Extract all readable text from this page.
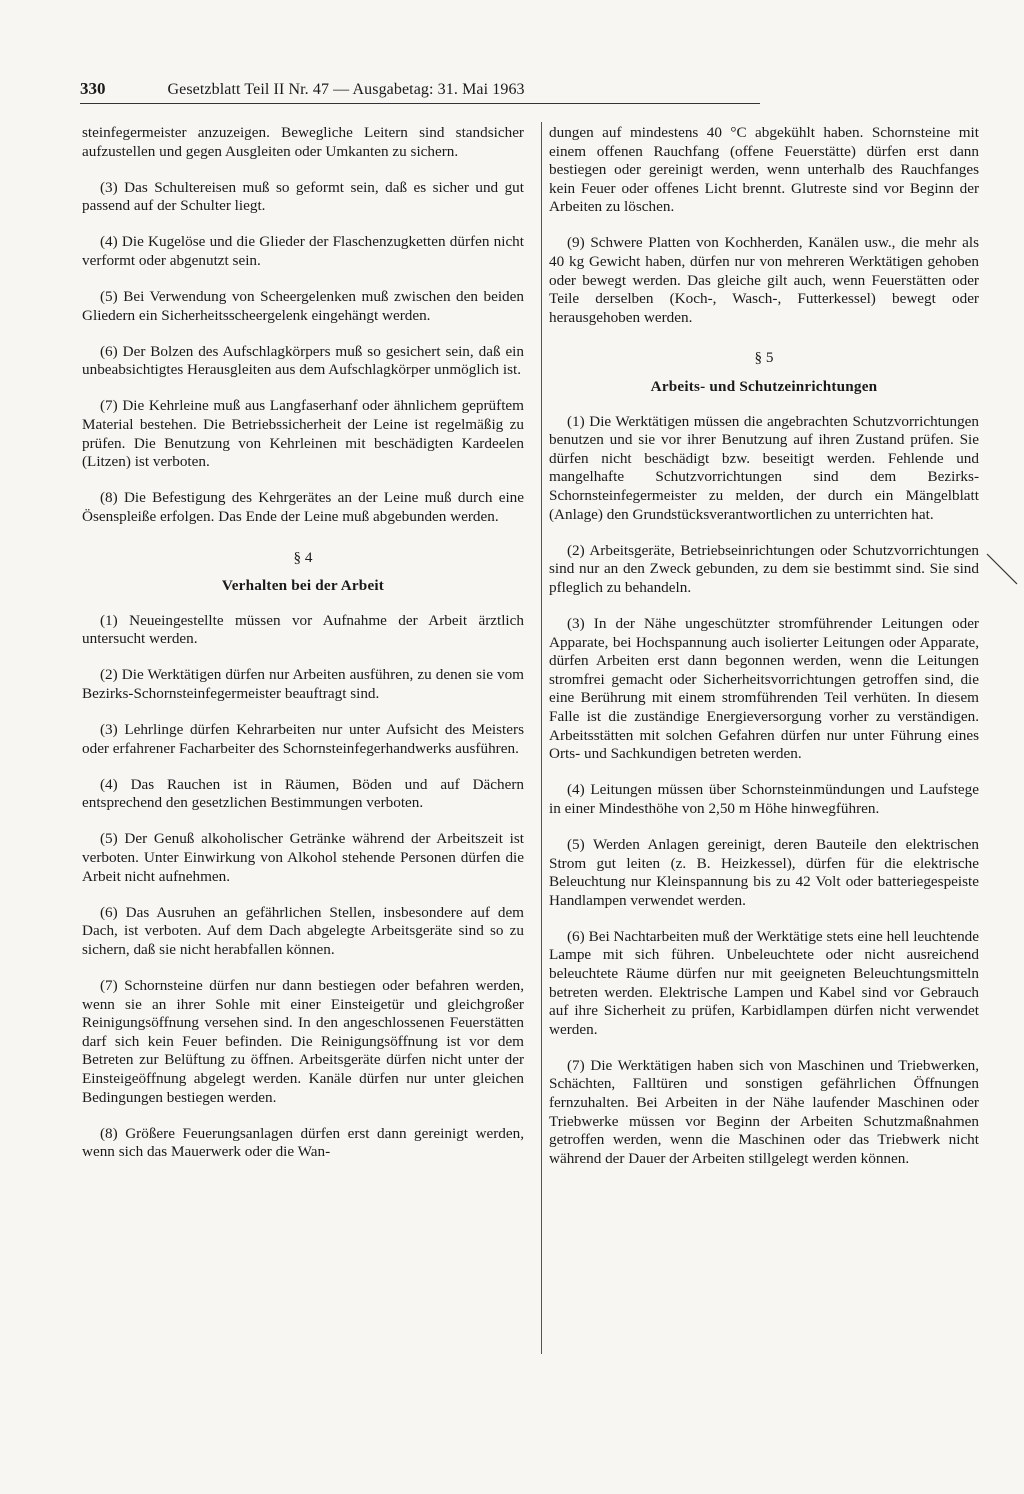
330	Gesetzblatt Teil II Nr. 47 — Ausgabetag: 31. Mai 1963

steinfegermeister anzuzeigen. Bewegliche Leitern sind standsicher aufzustellen und gegen Ausgleiten oder Umkanten zu sichern.

(3) Das Schultereisen muß so geformt sein, daß es sicher und gut passend auf der Schulter liegt.

(4) Die Kugelöse und die Glieder der Flaschenzugketten dürfen nicht verformt oder abgenutzt sein.

(5) Bei Verwendung von Scheergelenken muß zwischen den beiden Gliedern ein Sicherheitsscheergelenk eingehängt werden.

(6) Der Bolzen des Aufschlagkörpers muß so gesichert sein, daß ein unbeabsichtigtes Herausgleiten aus dem Aufschlagkörper unmöglich ist.

(7) Die Kehrleine muß aus Langfaserhanf oder ähnlichem geprüftem Material bestehen. Die Betriebssicherheit der Leine ist regelmäßig zu prüfen. Die Benutzung von Kehrleinen mit beschädigten Kardeelen (Litzen) ist verboten.

(8) Die Befestigung des Kehrgerätes an der Leine muß durch eine Ösenspleiße erfolgen. Das Ende der Leine muß abgebunden werden.

§ 4
Verhalten bei der Arbeit

(1) Neueingestellte müssen vor Aufnahme der Arbeit ärztlich untersucht werden.

(2) Die Werktätigen dürfen nur Arbeiten ausführen, zu denen sie vom Bezirks-Schornsteinfegermeister beauftragt sind.

(3) Lehrlinge dürfen Kehrarbeiten nur unter Aufsicht des Meisters oder erfahrener Facharbeiter des Schornsteinfegerhandwerks ausführen.

(4) Das Rauchen ist in Räumen, Böden und auf Dächern entsprechend den gesetzlichen Bestimmungen verboten.

(5) Der Genuß alkoholischer Getränke während der Arbeitszeit ist verboten. Unter Einwirkung von Alkohol stehende Personen dürfen die Arbeit nicht aufnehmen.

(6) Das Ausruhen an gefährlichen Stellen, insbesondere auf dem Dach, ist verboten. Auf dem Dach abgelegte Arbeitsgeräte sind so zu sichern, daß sie nicht herabfallen können.

(7) Schornsteine dürfen nur dann bestiegen oder befahren werden, wenn sie an ihrer Sohle mit einer Einsteigetür und gleichgroßer Reinigungsöffnung versehen sind. In den angeschlossenen Feuerstätten darf sich kein Feuer befinden. Die Reinigungsöffnung ist vor dem Betreten zur Belüftung zu öffnen. Arbeitsgeräte dürfen nicht unter der Einsteigeöffnung abgelegt werden. Kanäle dürfen nur unter gleichen Bedingungen bestiegen werden.

(8) Größere Feuerungsanlagen dürfen erst dann gereinigt werden, wenn sich das Mauerwerk oder die Wan-

dungen auf mindestens 40 °C abgekühlt haben. Schornsteine mit einem offenen Rauchfang (offene Feuerstätte) dürfen erst dann bestiegen oder gereinigt werden, wenn unterhalb des Rauchfanges kein Feuer oder offenes Licht brennt. Glutreste sind vor Beginn der Arbeiten zu löschen.

(9) Schwere Platten von Kochherden, Kanälen usw., die mehr als 40 kg Gewicht haben, dürfen nur von mehreren Werktätigen gehoben oder bewegt werden. Das gleiche gilt auch, wenn Feuerstätten oder Teile derselben (Koch-, Wasch-, Futterkessel) bewegt oder herausgehoben werden.

§ 5
Arbeits- und Schutzeinrichtungen

(1) Die Werktätigen müssen die angebrachten Schutzvorrichtungen benutzen und sie vor ihrer Benutzung auf ihren Zustand prüfen. Sie dürfen nicht beschädigt bzw. beseitigt werden. Fehlende und mangelhafte Schutzvorrichtungen sind dem Bezirks-Schornsteinfegermeister zu melden, der durch ein Mängelblatt (Anlage) den Grundstücksverantwortlichen zu unterrichten hat.

(2) Arbeitsgeräte, Betriebseinrichtungen oder Schutzvorrichtungen sind nur an den Zweck gebunden, zu dem sie bestimmt sind. Sie sind pfleglich zu behandeln.

(3) In der Nähe ungeschützter stromführender Leitungen oder Apparate, bei Hochspannung auch isolierter Leitungen oder Apparate, dürfen Arbeiten erst dann begonnen werden, wenn die Leitungen stromfrei gemacht oder Sicherheitsvorrichtungen getroffen sind, die eine Berührung mit einem stromführenden Teil verhüten. In diesem Falle ist die zuständige Energieversorgung vorher zu verständigen. Arbeitsstätten mit solchen Gefahren dürfen nur unter Führung eines Orts- und Sachkundigen betreten werden.

(4) Leitungen müssen über Schornsteinmündungen und Laufstege in einer Mindesthöhe von 2,50 m Höhe hinwegführen.

(5) Werden Anlagen gereinigt, deren Bauteile den elektrischen Strom gut leiten (z. B. Heizkessel), dürfen für die elektrische Beleuchtung nur Kleinspannung bis zu 42 Volt oder batteriegespeiste Handlampen verwendet werden.

(6) Bei Nachtarbeiten muß der Werktätige stets eine hell leuchtende Lampe mit sich führen. Unbeleuchtete oder nicht ausreichend beleuchtete Räume dürfen nur mit geeigneten Beleuchtungsmitteln betreten werden. Elektrische Lampen und Kabel sind vor Gebrauch auf ihre Sicherheit zu prüfen, Karbidlampen dürfen nicht verwendet werden.

(7) Die Werktätigen haben sich von Maschinen und Triebwerken, Schächten, Falltüren und sonstigen gefährlichen Öffnungen fernzuhalten. Bei Arbeiten in der Nähe laufender Maschinen oder Triebwerke müssen vor Beginn der Arbeiten Schutzmaßnahmen getroffen werden, wenn die Maschinen oder das Triebwerk nicht während der Dauer der Arbeiten stillgelegt werden können.
